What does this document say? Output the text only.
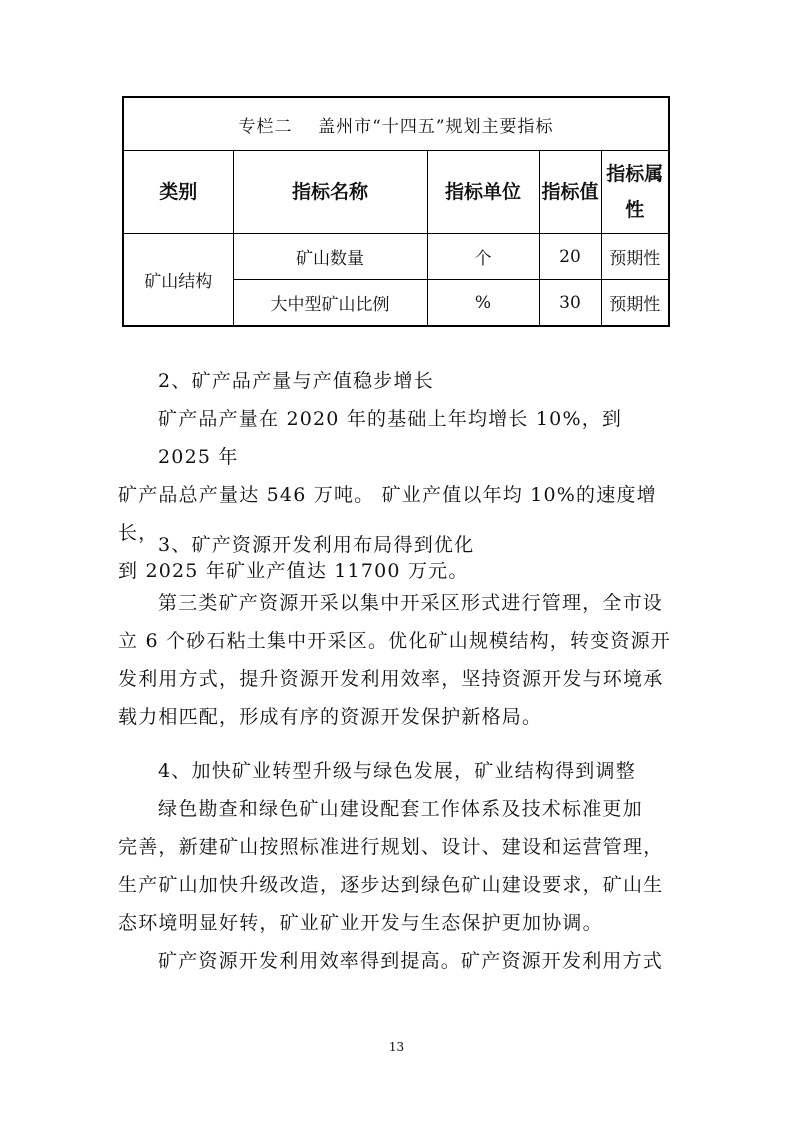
专栏二    盖州市“十四五”规划主要指标				
类别	指标名称	指标单位	指标值	指标属性
矿山结构	矿山数量	个	20	预期性
	大中型矿山比例	%	30	预期性
2、矿产品产量与产值稳步增长
矿产品产量在 2020 年的基础上年均增长 10%，到 2025 年
矿产品总产量达 546 万吨。 矿业产值以年均 10%的速度增长，
到 2025 年矿业产值达 11700 万元。
3、矿产资源开发利用布局得到优化
第三类矿产资源开采以集中开采区形式进行管理，全市设
立 6 个砂石粘土集中开采区。优化矿山规模结构，转变资源开
发利用方式，提升资源开发利用效率，坚持资源开发与环境承
载力相匹配，形成有序的资源开发保护新格局。
4、加快矿业转型升级与绿色发展，矿业结构得到调整
绿色勘查和绿色矿山建设配套工作体系及技术标准更加
完善，新建矿山按照标准进行规划、设计、建设和运营管理，
生产矿山加快升级改造，逐步达到绿色矿山建设要求，矿山生
态环境明显好转，矿业矿业开发与生态保护更加协调。
矿产资源开发利用效率得到提高。矿产资源开发利用方式
13
